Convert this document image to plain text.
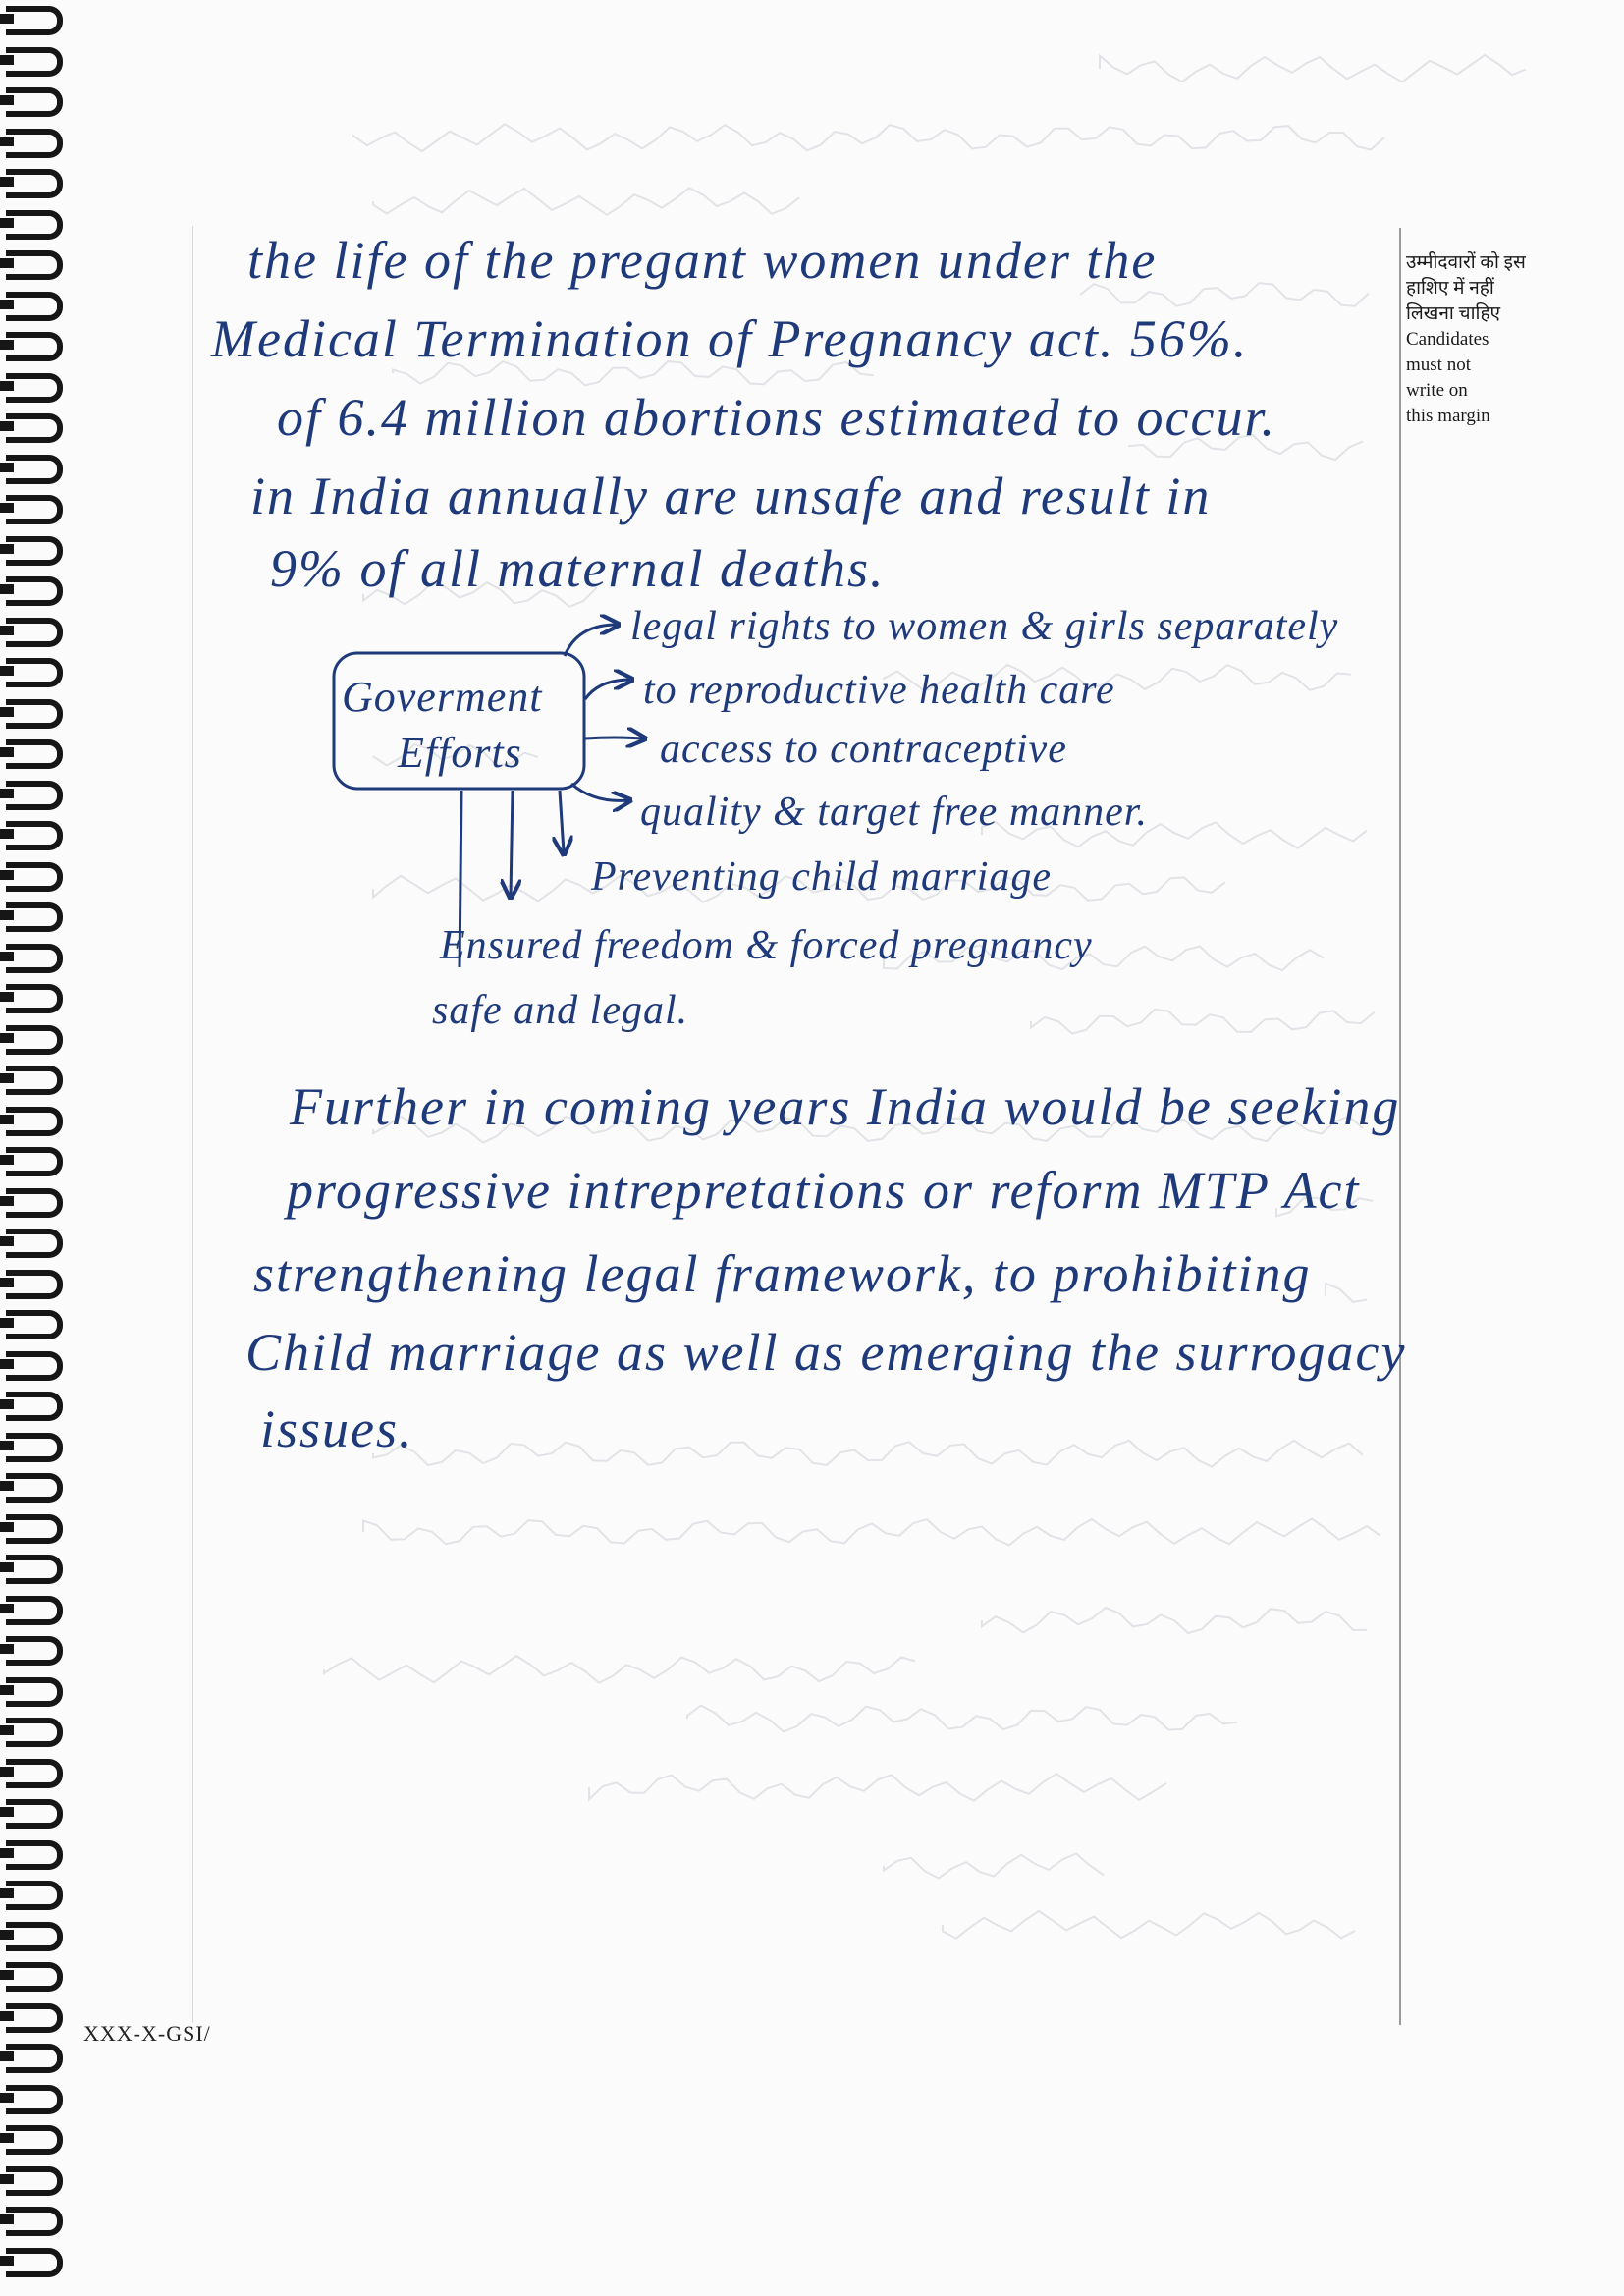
उम्मीदवारों को इस
हाशिए में नहीं
लिखना चाहिए
Candidates
must not
write on
this margin
the life of the pregant women under the
Medical Termination of Pregnancy act. 56%.
of 6.4 million abortions estimated to occur.
in India annually are unsafe and result in
9% of all maternal deaths.
Goverment
Efforts
legal rights to women & girls separately
to reproductive health care
access to contraceptive
quality & target free manner.
Preventing child marriage
Ensured freedom & forced pregnancy
safe and legal.
Further in coming years India would be seeking
progressive intrepretations or reform MTP Act
strengthening legal framework, to prohibiting
Child marriage as well as emerging the surrogacy
issues.
XXX-X-GSI/
